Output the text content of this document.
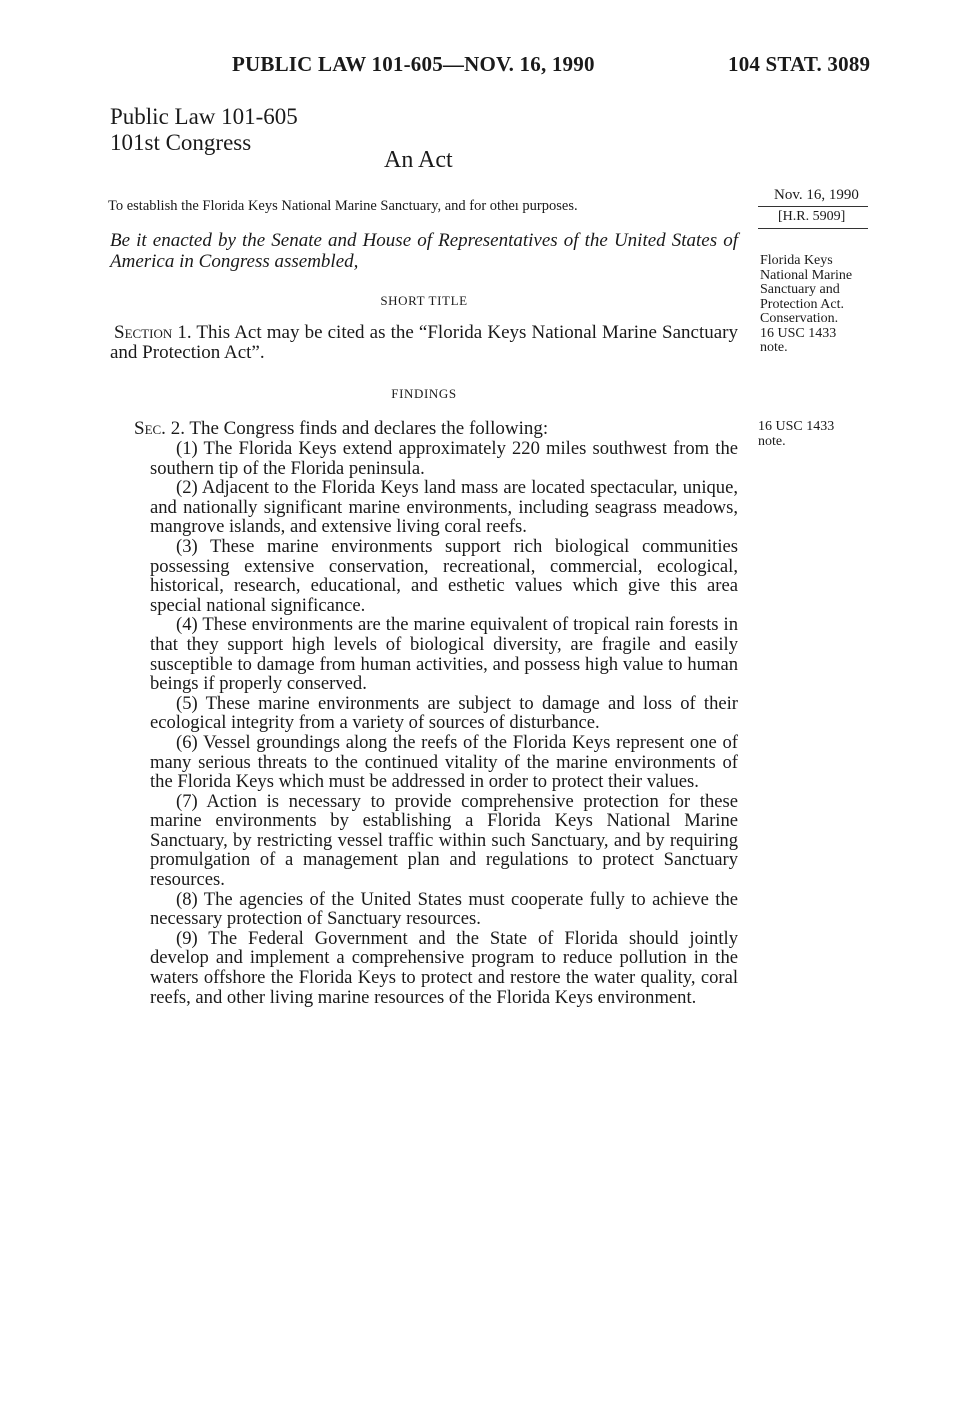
PUBLIC LAW 101-605—NOV. 16, 1990	104 STAT. 3089
Public Law 101-605
101st Congress
An Act
To establish the Florida Keys National Marine Sanctuary, and for otheı purposes.
Nov. 16, 1990
[H.R. 5909]
Be it enacted by the Senate and House of Representatives of the United States of America in Congress assembled,	Florida Keys
National Marine
Sanctuary and
Protection Act.
Conservation.
16 USC 1433
note.
SHORT TITLE
Section 1. This Act may be cited as the “Florida Keys National Marine Sanctuary and Protection Act”.
FINDINGS
Sec. 2. The Congress finds and declares the following:	16 USC 1433
note.

(1) The Florida Keys extend approximately 220 miles southwest from the southern tip of the Florida peninsula.

(2) Adjacent to the Florida Keys land mass are located spectacular, unique, and nationally significant marine environments, including seagrass meadows, mangrove islands, and extensive living coral reefs.

(3) These marine environments support rich biological communities possessing extensive conservation, recreational, commercial, ecological, historical, research, educational, and esthetic values which give this area special national significance.

(4) These environments are the marine equivalent of tropical rain forests in that they support high levels of biological diversity, are fragile and easily susceptible to damage from human activities, and possess high value to human beings if properly conserved.

(5) These marine environments are subject to damage and loss of their ecological integrity from a variety of sources of disturbance.

(6) Vessel groundings along the reefs of the Florida Keys represent one of many serious threats to the continued vitality of the marine environments of the Florida Keys which must be addressed in order to protect their values.

(7) Action is necessary to provide comprehensive protection for these marine environments by establishing a Florida Keys National Marine Sanctuary, by restricting vessel traffic within such Sanctuary, and by requiring promulgation of a management plan and regulations to protect Sanctuary resources.

(8) The agencies of the United States must cooperate fully to achieve the necessary protection of Sanctuary resources.

(9) The Federal Government and the State of Florida should jointly develop and implement a comprehensive program to reduce pollution in the waters offshore the Florida Keys to protect and restore the water quality, coral reefs, and other living marine resources of the Florida Keys environment.
